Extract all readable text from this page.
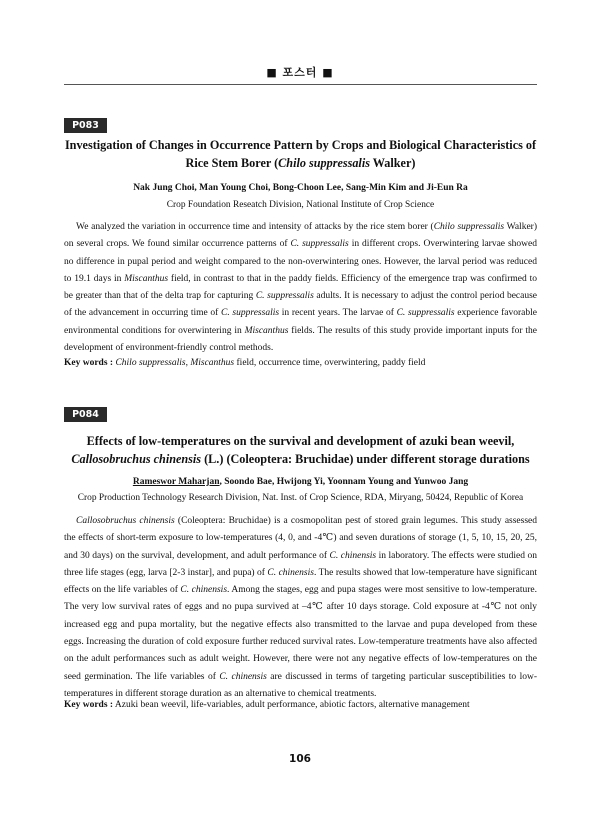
■ 포스터 ■
P083
Investigation of Changes in Occurrence Pattern by Crops and Biological Characteristics of
Rice Stem Borer (Chilo suppressalis Walker)
Nak Jung Choi, Man Young Choi, Bong-Choon Lee, Sang-Min Kim and Ji-Eun Ra
Crop Foundation Reseatch Division, National Institute of Crop Science

We analyzed the variation in occurrence time and intensity of attacks by the rice stem borer (Chilo suppressalis Walker) on several crops. We found similar occurrence patterns of C. suppressalis in different crops. Overwintering larvae showed no difference in pupal period and weight compared to the non-overwintering ones. However, the larval period was reduced to 19.1 days in Miscanthus field, in contrast to that in the paddy fields. Efficiency of the emergence trap was confirmed to be greater than that of the delta trap for capturing C. suppressalis adults. It is necessary to adjust the control period because of the advancement in occurring time of C. suppressalis in recent years. The larvae of C. suppressalis experience favorable environmental conditions for overwintering in Miscanthus fields. The results of this study provide important inputs for the development of environment-friendly control methods.

Key words : Chilo suppressalis, Miscanthus field, occurrence time, overwintering, paddy field
P084
Effects of low-temperatures on the survival and development of azuki bean weevil,
Callosobruchus chinensis (L.) (Coleoptera: Bruchidae) under different storage durations
Rameswor Maharjan, Soondo Bae, Hwijong Yi, Yoonnam Young and Yunwoo Jang
Crop Production Technology Research Division, Nat. Inst. of Crop Science, RDA, Miryang, 50424, Republic of Korea

Callosobruchus chinensis (Coleoptera: Bruchidae) is a cosmopolitan pest of stored grain legumes. This study assessed the effects of short-term exposure to low-temperatures (4, 0, and -4℃) and seven durations of storage (1, 5, 10, 15, 20, 25, and 30 days) on the survival, development, and adult performance of C. chinensis in laboratory. The effects were studied on three life stages (egg, larva [2-3 instar], and pupa) of C. chinensis. The results showed that low-temperature have significant effects on the life variables of C. chinensis. Among the stages, egg and pupa stages were most sensitive to low-temperature. The very low survival rates of eggs and no pupa survived at –4℃ after 10 days storage. Cold exposure at -4℃ not only increased egg and pupa mortality, but the negative effects also transmitted to the larvae and pupa developed from these eggs. Increasing the duration of cold exposure further reduced survival rates. Low-temperature treatments have also affected on the adult performances such as adult weight. However, there were not any negative effects of low-temperatures on the seed germination. The life variables of C. chinensis are discussed in terms of targeting particular susceptibilities to low-temperatures in different storage duration as an alternative to chemical treatments.

Key words : Azuki bean weevil, life-variables, adult performance, abiotic factors, alternative management
106
